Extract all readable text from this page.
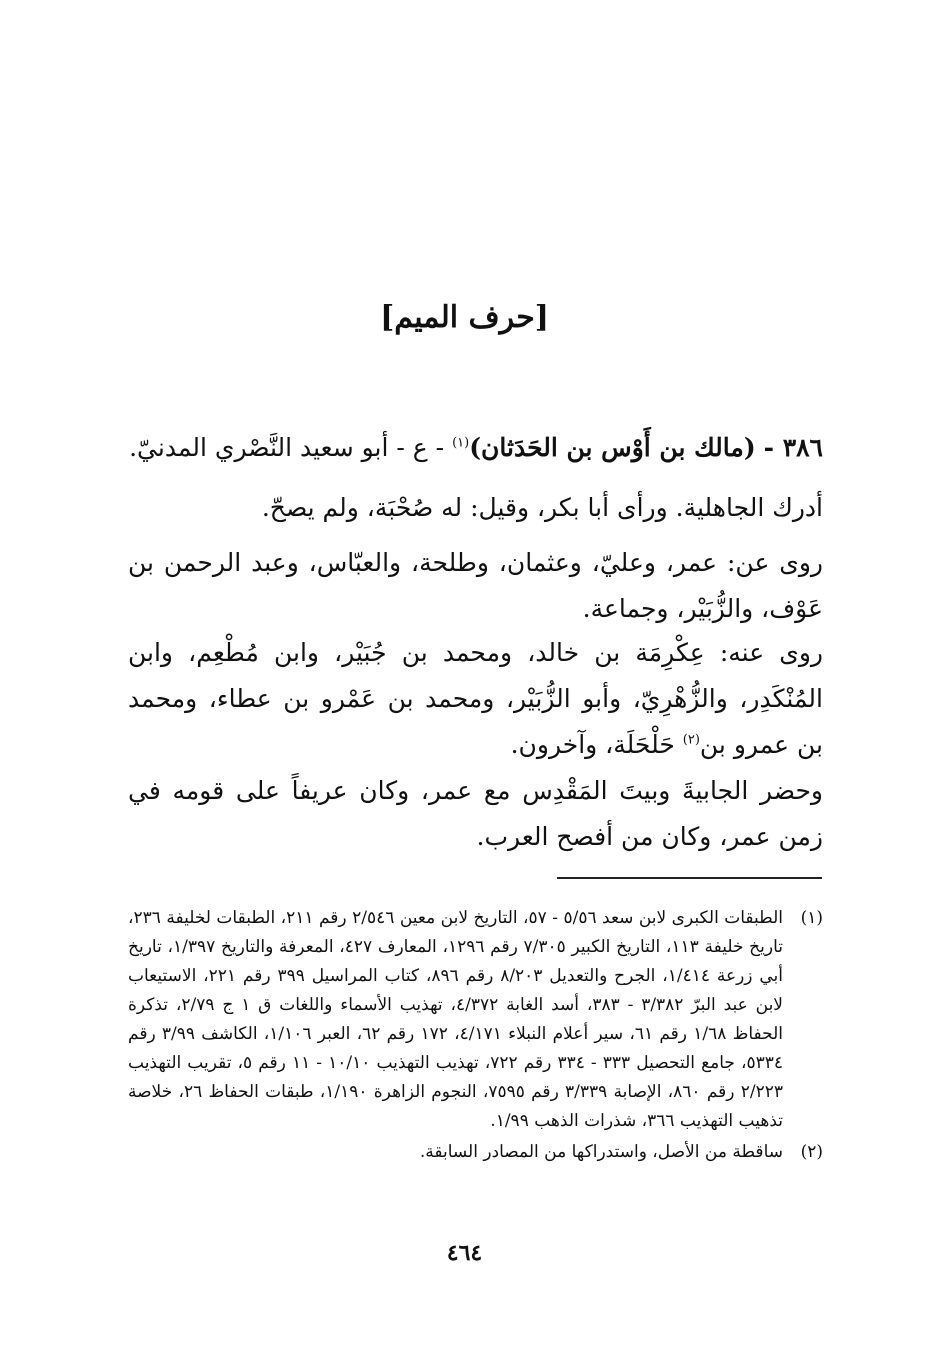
[حرف الميم]
٣٨٦ - (مالك بن أَوْس بن الحَدَثان)$^{(١)}$ - ع - أبو سعيد النَّصْري المدنيّ.
أدرك الجاهلية. ورأى أبا بكر، وقيل: له صُحْبَة، ولم يصحّ.
روى عن: عمر، وعليّ، وعثمان، وطلحة، والعبّاس، وعبد الرحمن بن عَوْف، والزُّبَيْر، وجماعة.
روى عنه: عِكْرِمَة بن خالد، ومحمد بن جُبَيْر، وابن مُطْعِم، وابن المُنْكَدِر، والزُّهْرِيّ، وأبو الزُّبَيْر، ومحمد بن عَمْرو بن عطاء، ومحمد بن عمرو بن$^{(٢)}$ حَلْحَلَة، وآخرون.
وحضر الجابيةَ وبيتَ المَقْدِس مع عمر، وكان عريفاً على قومه في زمن عمر، وكان من أفصح العرب.
(١)
الطبقات الكبرى لابن سعد ٥/٥٦ - ٥٧، التاريخ لابن معين ٢/٥٤٦ رقم ٢١١، الطبقات لخليفة ٢٣٦، تاريخ خليفة ١١٣، التاريخ الكبير ٧/٣٠٥ رقم ١٢٩٦، المعارف ٤٢٧، المعرفة والتاريخ ١/٣٩٧، تاريخ أبي زرعة ١/٤١٤، الجرح والتعديل ٨/٢٠٣ رقم ٨٩٦، كتاب المراسيل ٣٩٩ رقم ٢٢١، الاستيعاب لابن عبد البرّ ٣/٣٨٢ - ٣٨٣، أسد الغابة ٤/٣٧٢، تهذيب الأسماء واللغات ق ١ ج ٢/٧٩، تذكرة الحفاظ ١/٦٨ رقم ٦١، سير أعلام النبلاء ٤/١٧١، ١٧٢ رقم ٦٢، العبر ١/١٠٦، الكاشف ٣/٩٩ رقم ٥٣٣٤، جامع التحصيل ٣٣٣ - ٣٣٤ رقم ٧٢٢، تهذيب التهذيب ١٠/١٠ - ١١ رقم ٥، تقريب التهذيب ٢/٢٢٣ رقم ٨٦٠، الإصابة ٣/٣٣٩ رقم ٧٥٩٥، النجوم الزاهرة ١/١٩٠، طبقات الحفاظ ٢٦، خلاصة تذهيب التهذيب ٣٦٦، شذرات الذهب ١/٩٩.
(٢)
ساقطة من الأصل، واستدراكها من المصادر السابقة.
٤٦٤
